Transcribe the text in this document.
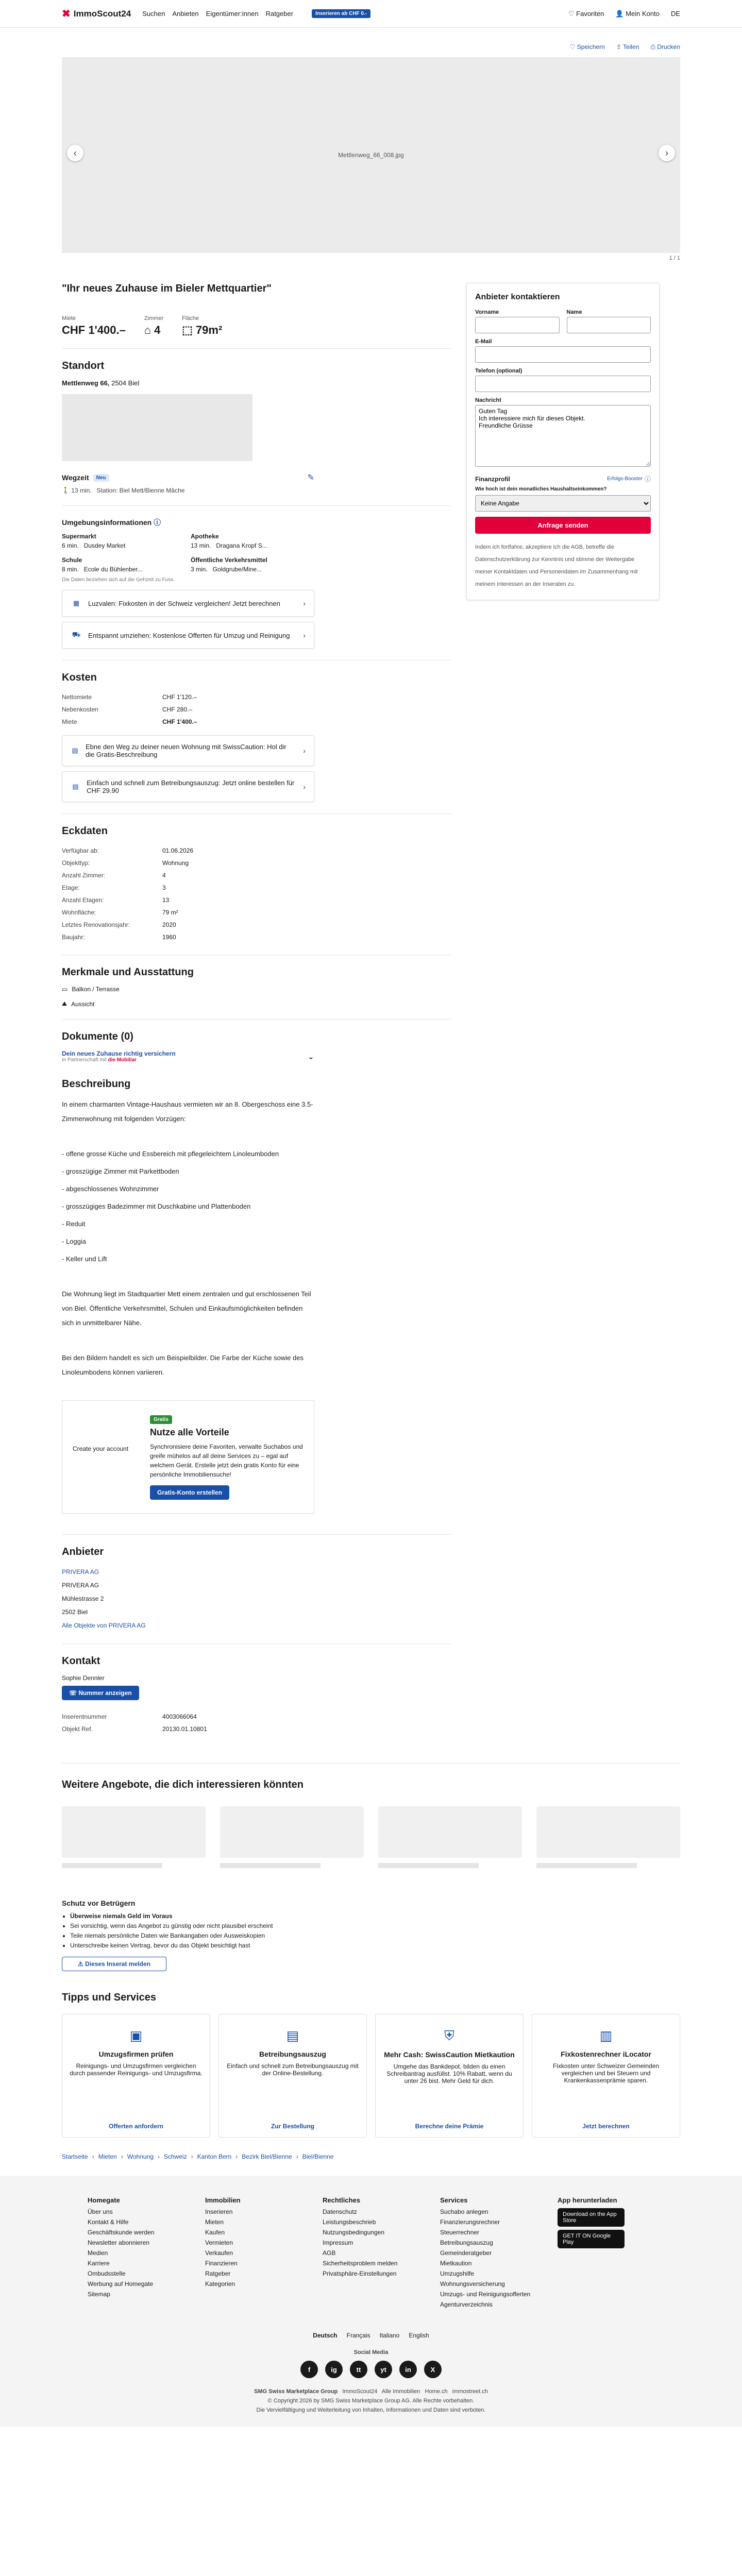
✖ ImmoScout24 Suchen Anbieten Eigentümer:innen Ratgeber	Inserieren ab CHF 0.-	♡ Favoriten 👤 Mein Konto DE
♡ Speichern ⇪ Teilen ⎙ Drucken
‹	Mettlenweg_66_008.jpg	›
1 / 1
"Ihr neues Zuhause im Bieler Mettquartier"
Miete
CHF 1'400.–
Zimmer
⌂ 4
Fläche
⬚ 79m²
Standort
Mettlenweg 66, 2504 Biel
Wegzeit	Neu	✎
🚶 13 min. Station: Biel Mett/Bienne Mâche
Umgebungsinformationen
ⓘ
Supermarkt
6 min. Dusdey Market
Apotheke
13 min. Dragana Kropf S...
Schule
8 min. Ecole du Bühlenber...
Öffentliche Verkehrsmittel
3 min. Goldgrube/Mine...
Die Daten beziehen sich auf die Gehzeit zu Fuss.
▦	Luzvalen: Fixkosten in der Schweiz vergleichen! Jetzt berechnen	›
⛟ Entspannt umziehen: Kostenlose Offerten für Umzug und Reinigung ›
Kosten
Nettomiete	CHF 1'120.–
Nebenkosten	CHF 280.–
Miete	CHF 1'400.–
▤ Ebne den Weg zu deiner neuen Wohnung mit SwissCaution: Hol dir die Gratis-Beschreibung	›
▤ Einfach und schnell zum Betreibungsauszug: Jetzt online bestellen für CHF 29.90	›
Eckdaten
Verfügbar ab:	01.06.2026
Objekttyp:	Wohnung
Anzahl Zimmer:	4
Etage:	3
Anzahl Etagen:	13
Wohnfläche:	79 m²
Letztes Renovationsjahr:	2020
Baujahr:	1960
Merkmale und Ausstattung
▭ Balkon / Terrasse
⛰ Aussicht
Dokumente (0)
Dein neues Zuhause richtig versichern
In Partnerschaft mit die Mobiliar	⌄
Beschreibung

In einem charmanten Vintage-Haushaus vermieten wir an 8. Obergeschoss eine 3.5-Zimmerwohnung mit folgenden Vorzügen:

- offene grosse Küche und Essbereich mit pflegeleichtem Linoleumboden

- grosszügige Zimmer mit Parkettboden

- abgeschlossenes Wohnzimmer

- grosszügiges Badezimmer mit Duschkabine und Plattenboden

- Reduit

- Loggia

- Keller und Lift

Die Wohnung liegt im Stadtquartier Mett einem zentralen und gut erschlossenen Teil von Biel. Öffentliche Verkehrsmittel, Schulen und Einkaufsmöglichkeiten befinden sich in unmittelbarer Nähe.

Bei den Bildern handelt es sich um Beispielbilder. Die Farbe der Küche sowie des Linoleumbodens können variieren.

Create your account
Gratis
Nutze alle Vorteile
Synchronisiere deine Favoriten, verwalte Suchabos und greife mühelos auf all deine Services zu – egal auf welchem Gerät. Erstelle jetzt dein gratis Konto für eine persönliche Immobiliensuche!
Gratis-Konto erstellen
Anbieter
PRIVERA AG
PRIVERA AG
Mühlestrasse 2
2502 Biel
Alle Objekte von PRIVERA AG
Kontakt
Sophie Dennler
☏ Nummer anzeigen
Inserentnummer	4003066064
Objekt Ref.	20130.01.10801
Anbieter kontaktieren
Vorname	Name
E-Mail
Telefon (optional)
Nachricht
Guten Tag Ich interessiere mich für dieses Objekt. Freundliche Grüsse
Finanzprofil	Erfolgs-Booster ⓘ
Wie hoch ist dein monatliches Haushaltseinkommen?
Keine Angabe
Anfrage senden
Indem ich fortfahre, akzeptiere ich die AGB, betreffe die Datenschutzerklärung zur Kenntnis und stimme der Weitergabe meiner Kontaktdaten und Personendaten im Zusammenhang mit meinem Interessen an der Inseraten zu.
Weitere Angebote, die dich interessieren könnten
Schutz vor Betrügern
• Überweise niemals Geld im Voraus
• Sei vorsichtig, wenn das Angebot zu günstig oder nicht plausibel erscheint
• Teile niemals persönliche Daten wie Bankangaben oder Ausweiskopien
• Unterschreibe keinen Vertrag, bevor du das Objekt besichtigt hast
⚠ Dieses Inserat melden
Tipps und Services
▣
Umzugsfirmen prüfen
Reinigungs- und Umzugsfirmen vergleichen durch passender Reinigungs- und Umzugsfirma.
Offerten anfordern
▤
Betreibungsauszug
Einfach und schnell zum Betreibungsauszug mit der Online-Bestellung.
Zur Bestellung
⛨
Mehr Cash: SwissCaution Mietkaution
Umgehe das Bankdepot, bilden du einen Schreibantrag ausfüllst. 10% Rabatt, wenn du unter 26 bist. Mehr Geld für dich.
Berechne deine Prämie
▥
Fixkostenrechner iLocator
Fixkosten unter Schweizer Gemeinden vergleichen und bei Steuern und Krankenkassenprämie sparen.
Jetzt berechnen
Startseite › Mieten › Wohnung › Schweiz › Kanton Bern › Bezirk Biel/Bienne › Biel/Bienne
Homegate
Über uns
Kontakt & Hilfe
Geschäftskunde werden
Newsletter abonnieren
Medien
Karriere
Ombudsstelle
Werbung auf Homegate
Sitemap
Immobilien
Inserieren
Mieten
Kaufen
Vermieten
Verkaufen
Finanzieren
Ratgeber
Kategorien
Rechtliches
Datenschutz
Leistungsbeschrieb
Nutzungsbedingungen
Impressum
AGB
Sicherheitsproblem melden
Privatsphäre-Einstellungen
Services
Suchabo anlegen
Finanzierungsrechner
Steuerrechner
Betreibungsauszug
Gemeinderatgeber
Mietkaution
Umzugshilfe
Wohnungsversicherung
Umzugs- und Reinigungsofferten
Agenturverzeichnis
App herunterladen
Download on the App Store
GET IT ON Google Play
Deutsch Français Italiano English
Social Media
f	ig	tt	yt	in	X
SMG Swiss Marketplace Group ImmoScout24 Alle Immobilien Home.ch immostreet.ch
© Copyright 2026 by SMG Swiss Marketplace Group AG. Alle Rechte vorbehalten.
Die Vervielfältigung und Weiterleitung von Inhalten, Informationen und Daten sind verboten.
